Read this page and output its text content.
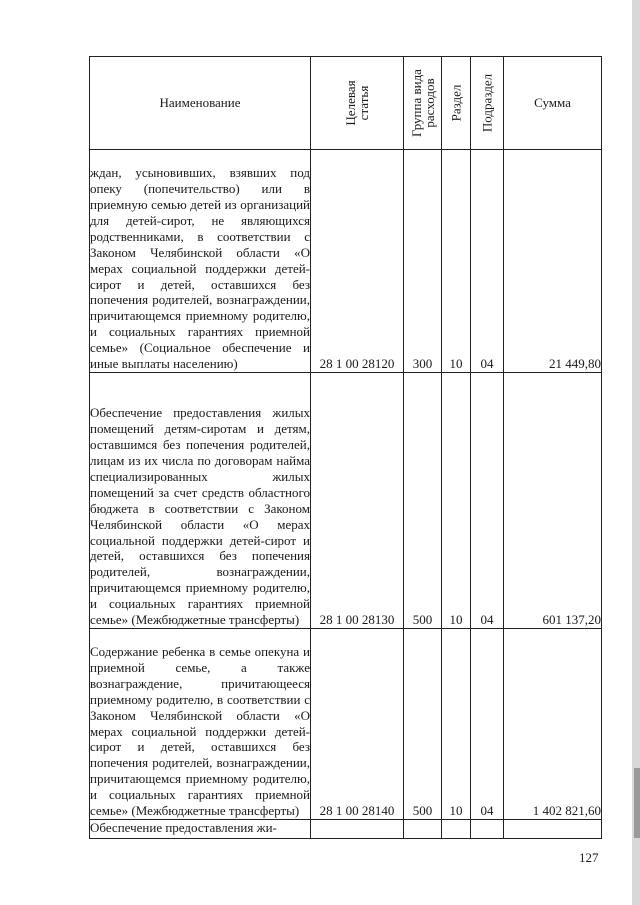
Наименование	Целевая статья	Группа вида расходов	Раздел	Подраздел	Сумма
ждан, усыновивших, взявших под опеку (попечительство) или в приемную семью детей из организаций для детей-сирот, не являющихся родственниками, в соответствии с Законом Челябинской области «О мерах социальной поддержки детей-сирот и детей, оставшихся без попечения родителей, вознаграждении, причитающемся приемному родителю, и социальных гарантиях приемной семье» (Социальное обеспечение и иные выплаты населению)	28 1 00 28120	300	10	04	21 449,80
Обеспечение предоставления жилых помещений детям-сиротам и детям, оставшимся без попечения родителей, лицам из их числа по договорам найма специализированных жилых помещений за счет средств областного бюджета в соответствии с Законом Челябинской области «О мерах социальной поддержки детей-сирот и детей, оставшихся без попечения родителей, вознаграждении, причитающемся приемному родителю, и социальных гарантиях приемной семье» (Межбюджетные трансферты)	28 1 00 28130	500	10	04	601 137,20
Содержание ребенка в семье опекуна и приемной семье, а также вознаграждение, причитающееся приемному родителю, в соответствии с Законом Челябинской области «О мерах социальной поддержки детей-сирот и детей, оставшихся без попечения родителей, вознаграждении, причитающемся приемному родителю, и социальных гарантиях приемной семье» (Межбюджетные трансферты)	28 1 00 28140	500	10	04	1 402 821,60
Обеспечение предоставления жи-					
127
